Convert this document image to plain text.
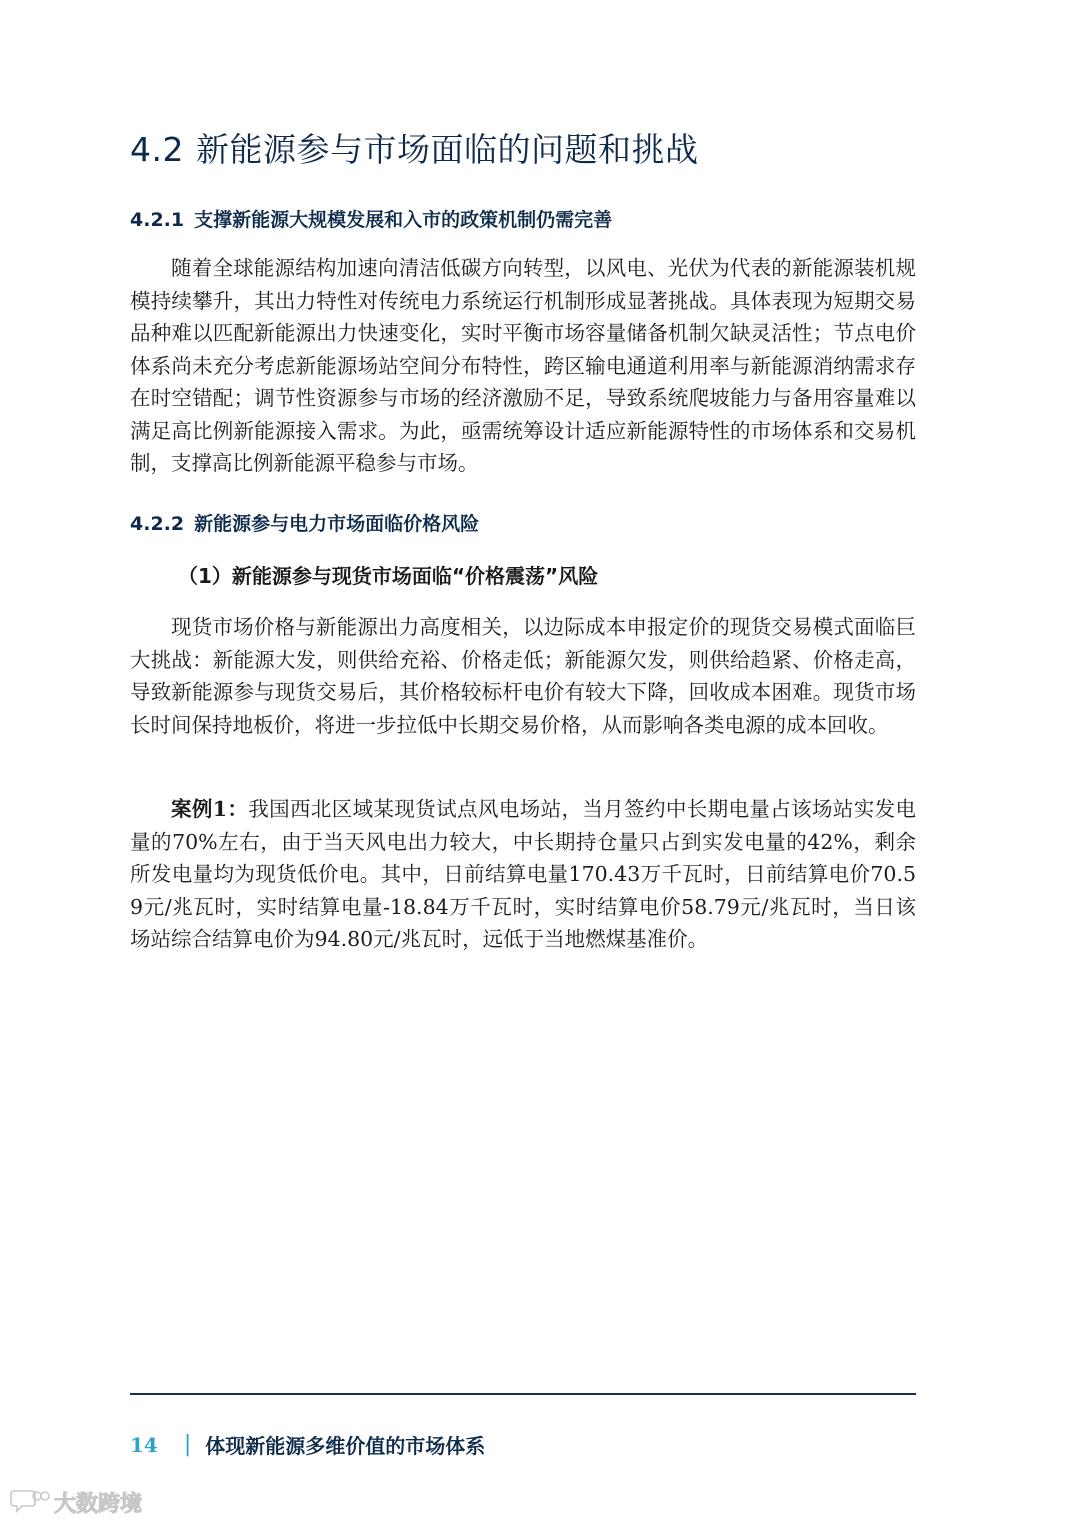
4.2 新能源参与市场面临的问题和挑战
4.2.1 支撑新能源大规模发展和入市的政策机制仍需完善

随着全球能源结构加速向清洁低碳方向转型，以风电、光伏为代表的新能源装机规模持续攀升，其出力特性对传统电力系统运行机制形成显著挑战。具体表现为短期交易品种难以匹配新能源出力快速变化，实时平衡市场容量储备机制欠缺灵活性；节点电价体系尚未充分考虑新能源场站空间分布特性，跨区输电通道利用率与新能源消纳需求存在时空错配；调节性资源参与市场的经济激励不足，导致系统爬坡能力与备用容量难以满足高比例新能源接入需求。为此，亟需统筹设计适应新能源特性的市场体系和交易机制，支撑高比例新能源平稳参与市场。

4.2.2 新能源参与电力市场面临价格风险
（1）新能源参与现货市场面临“价格震荡”风险

现货市场价格与新能源出力高度相关，以边际成本申报定价的现货交易模式面临巨大挑战：新能源大发，则供给充裕、价格走低；新能源欠发，则供给趋紧、价格走高，导致新能源参与现货交易后，其价格较标杆电价有较大下降，回收成本困难。现货市场长时间保持地板价，将进一步拉低中长期交易价格，从而影响各类电源的成本回收。

案例1：我国西北区域某现货试点风电场站，当月签约中长期电量占该场站实发电量的70%左右，由于当天风电出力较大，中长期持仓量只占到实发电量的42%，剩余所发电量均为现货低价电。其中，日前结算电量170.43万千瓦时，日前结算电价70.59元/兆瓦时，实时结算电量-18.84万千瓦时，实时结算电价58.79元/兆瓦时，当日该场站综合结算电价为94.80元/兆瓦时，远低于当地燃煤基准价。

14 | 体现新能源多维价值的市场体系
大数跨境
